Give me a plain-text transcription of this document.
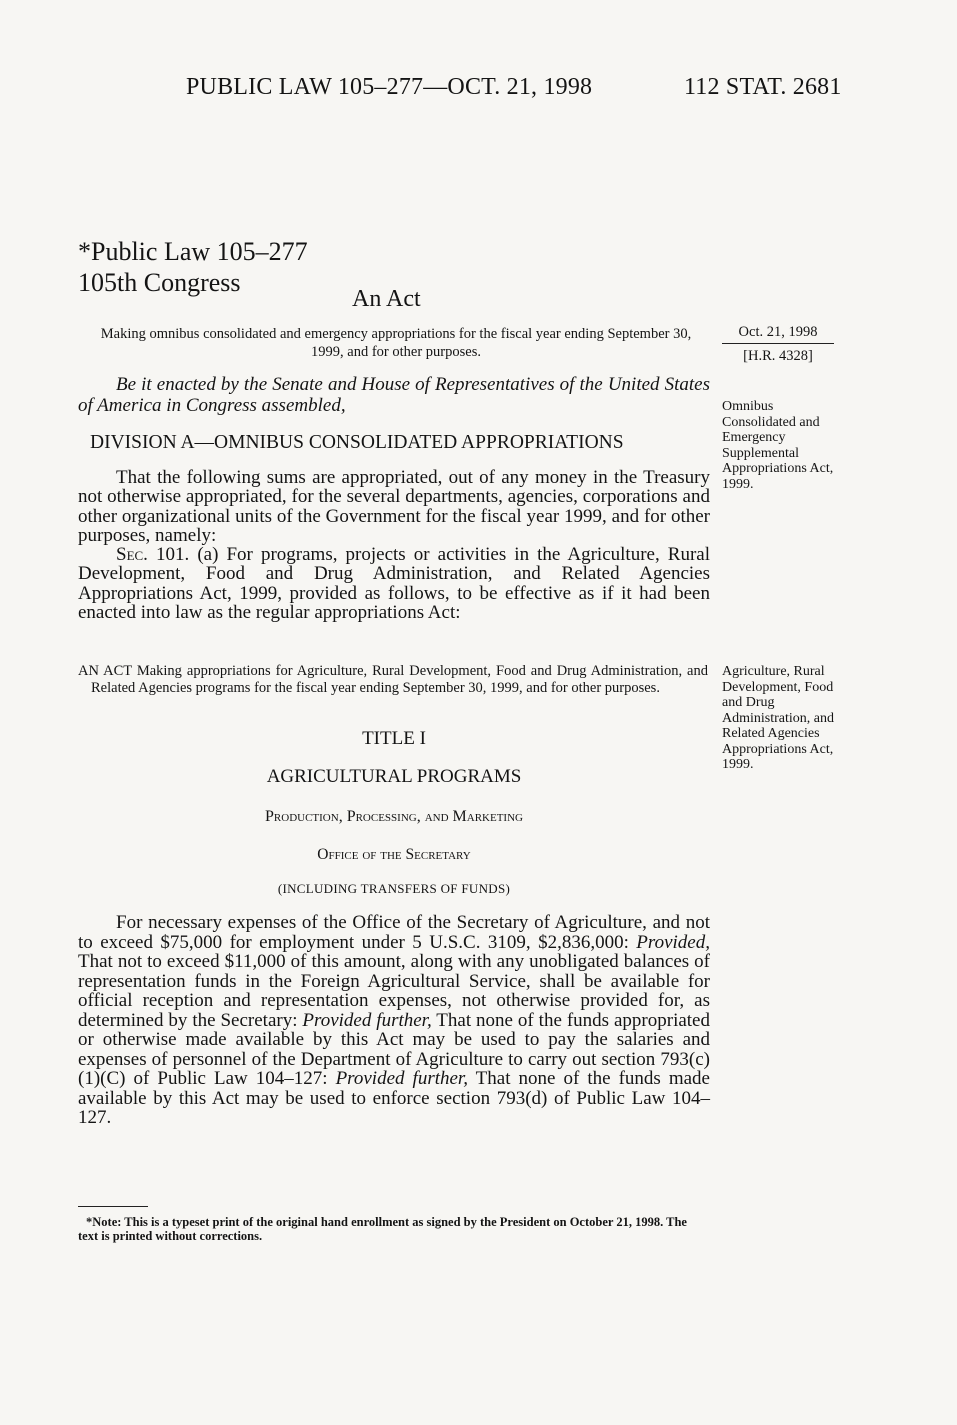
PUBLIC LAW 105–277—OCT. 21, 1998	112 STAT. 2681
*Public Law 105–277
105th Congress
An Act
Making omnibus consolidated and emergency appropriations for the fiscal year ending September 30, 1999, and for other purposes.
Oct. 21, 1998
[H.R. 4328]
Be it enacted by the Senate and House of Representatives of the United States of America in Congress assembled,	Omnibus Consolidated and Emergency Supplemental Appropriations Act, 1999.
DIVISION A—OMNIBUS CONSOLIDATED APPROPRIATIONS

That the following sums are appropriated, out of any money in the Treasury not otherwise appropriated, for the several departments, agencies, corporations and other organizational units of the Government for the fiscal year 1999, and for other purposes, namely:

Sec. 101. (a) For programs, projects or activities in the Agriculture, Rural Development, Food and Drug Administration, and Related Agencies Appropriations Act, 1999, provided as follows, to be effective as if it had been enacted into law as the regular appropriations Act:

AN ACT Making appropriations for Agriculture, Rural Development, Food and Drug Administration, and Related Agencies programs for the fiscal year ending September 30, 1999, and for other purposes.
Agriculture, Rural Development, Food and Drug Administration, and Related Agencies Appropriations Act, 1999.
TITLE I
AGRICULTURAL PROGRAMS
Production, Processing, and Marketing
Office of the Secretary
(INCLUDING TRANSFERS OF FUNDS)
For necessary expenses of the Office of the Secretary of Agriculture, and not to exceed $75,000 for employment under 5 U.S.C. 3109, $2,836,000: Provided, That not to exceed $11,000 of this amount, along with any unobligated balances of representation funds in the Foreign Agricultural Service, shall be available for official reception and representation expenses, not otherwise provided for, as determined by the Secretary: Provided further, That none of the funds appropriated or otherwise made available by this Act may be used to pay the salaries and expenses of personnel of the Department of Agriculture to carry out section 793(c)(1)(C) of Public Law 104–127: Provided further, That none of the funds made available by this Act may be used to enforce section 793(d) of Public Law 104–127.
*Note: This is a typeset print of the original hand enrollment as signed by the President on October 21, 1998. The text is printed without corrections.
